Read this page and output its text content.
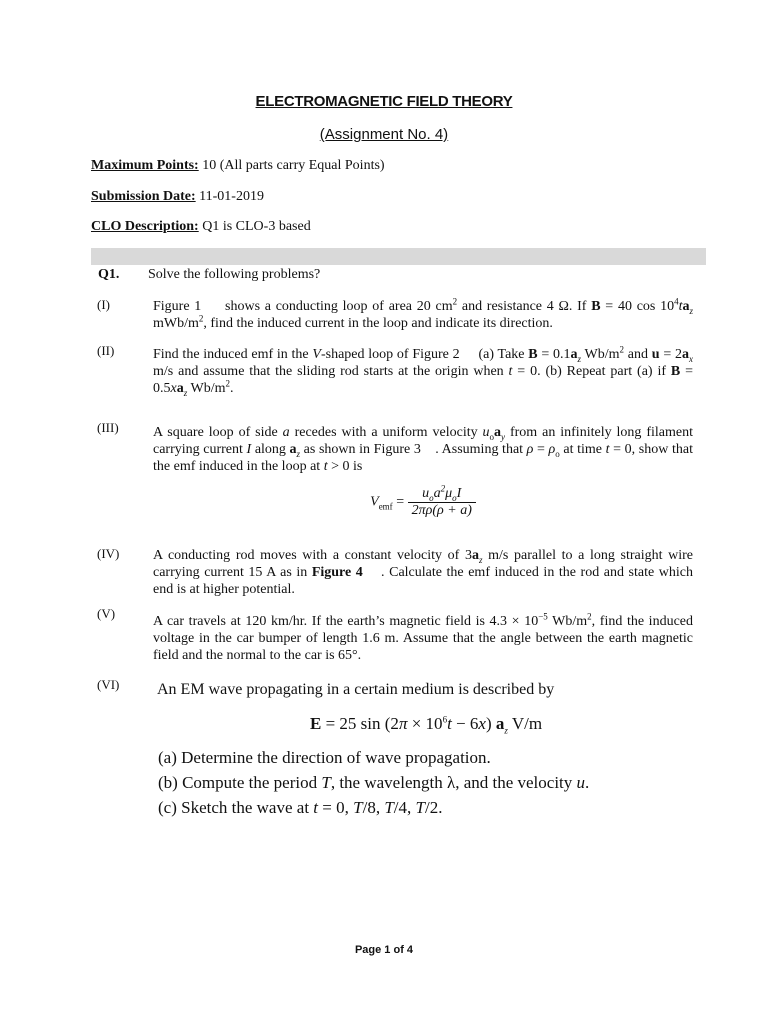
ELECTROMAGNETIC FIELD THEORY
(Assignment No. 4)
Maximum Points: 10 (All parts carry Equal Points)
Submission Date: 11-01-2019
CLO Description: Q1 is CLO-3 based
Q1. Solve the following problems?
(I)	Figure 1     shows a conducting loop of area 20 $cm^2$ and resistance 4 Ω. If B = 40 $\cos 10^4ta_z$ mWb/$m^2$, find the induced current in the loop and indicate its direction.
(II)	Find the induced emf in the V-shaped loop of Figure 2     (a) Take $B = 0.1a_z$ $Wb/m^2$ and $u = 2a_x$ m/s and assume that the sliding rod starts at the origin when t = 0. (b) Repeat part (a) if $B = 0.5xa_z$ $Wb/m^2$.
(III) A square loop of side a recedes with a uniform velocity $u_oa_y$ from an infinitely long filament carrying current I along $a_z$ as shown in Figure 3    . Assuming that $\rho = \rho_o$ at time t = 0, show that the emf induced in the loop at t > 0 is
$V_{emf} = \frac{u_oa^2\mu_oI}{2\pi\rho(\rho + a)}$
(IV) A conducting rod moves with a constant velocity of $3a_z$ m/s parallel to a long straight wire carrying current 15 A as in Figure 4    . Calculate the emf induced in the rod and state which end is at higher potential.
(V)
A car travels at 120 km/hr. If the earth’s magnetic field is $4.3 \times 10^{-5}$ $Wb/m^2$, find the induced voltage in the car bumper of length 1.6 m. Assume that the angle between the earth magnetic field and the normal to the car is 65°.
(VI) An EM wave propagating in a certain medium is described by
E = 25 $\sin (2\pi \times 10^6t - 6x)$ $a_z$ V/m
(a) Determine the direction of wave propagation.
(b) Compute the period T, the wavelength λ, and the velocity u.
(c) Sketch the wave at t = 0, T/8, T/4, T/2.
Page 1 of 4
